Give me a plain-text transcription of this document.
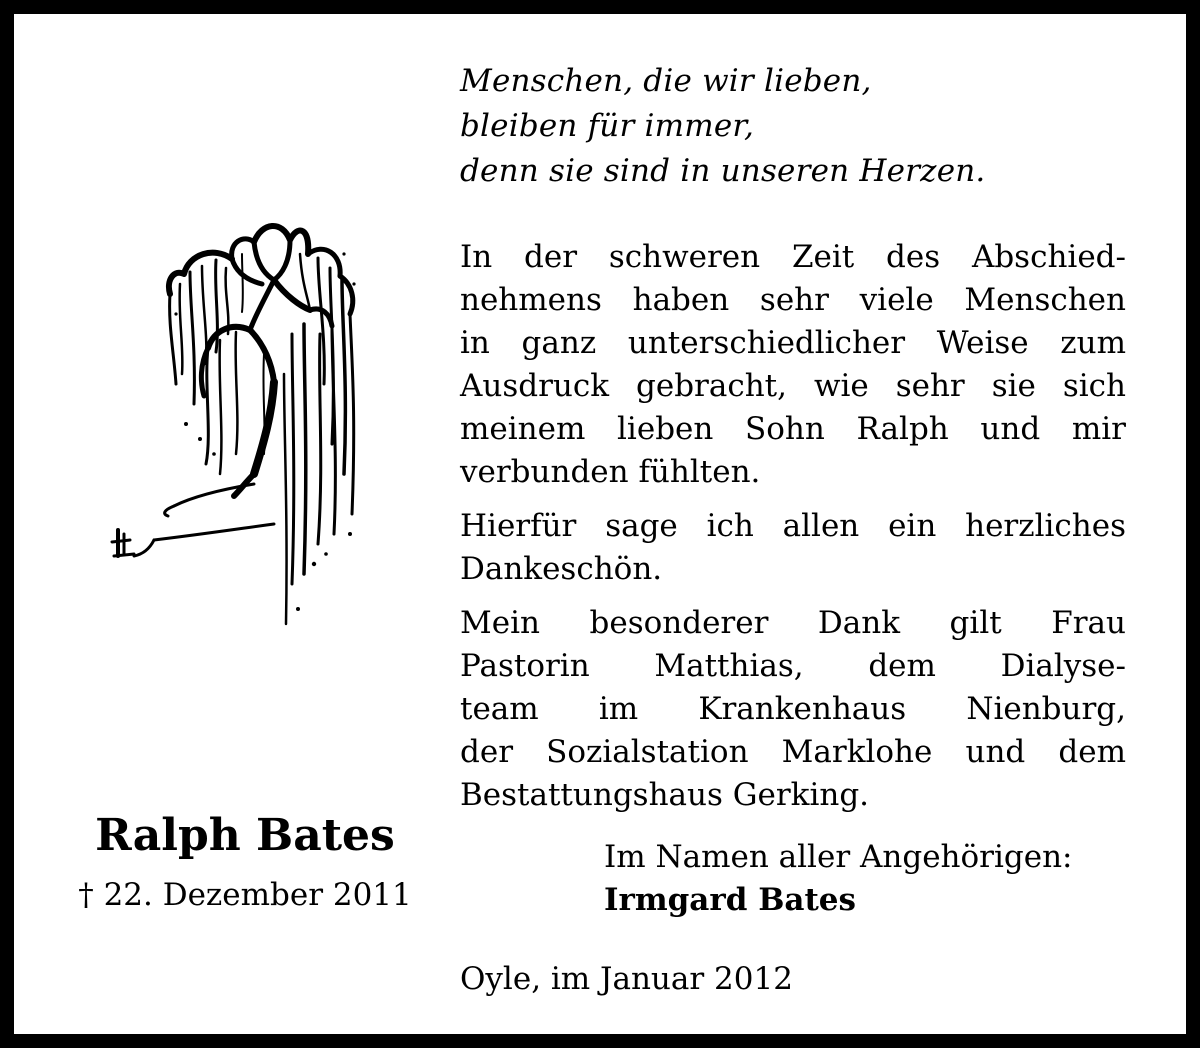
Menschen, die wir lieben,
bleiben für immer,
denn sie sind in unseren Herzen.
In der schweren Zeit des Abschied-
nehmens haben sehr viele Menschen
in ganz unterschiedlicher Weise zum
Ausdruck gebracht, wie sehr sie sich
meinem lieben Sohn Ralph und mir
verbunden fühlten.
Hierfür sage ich allen ein herzliches
Dankeschön.
Mein besonderer Dank gilt Frau
Pastorin Matthias, dem Dialyse-
team im Krankenhaus Nienburg,
der Sozialstation Marklohe und dem
Bestattungshaus Gerking.
Im Namen aller Angehörigen:
Irmgard Bates
Oyle, im Januar 2012
Ralph Bates
† 22. Dezember 2011
